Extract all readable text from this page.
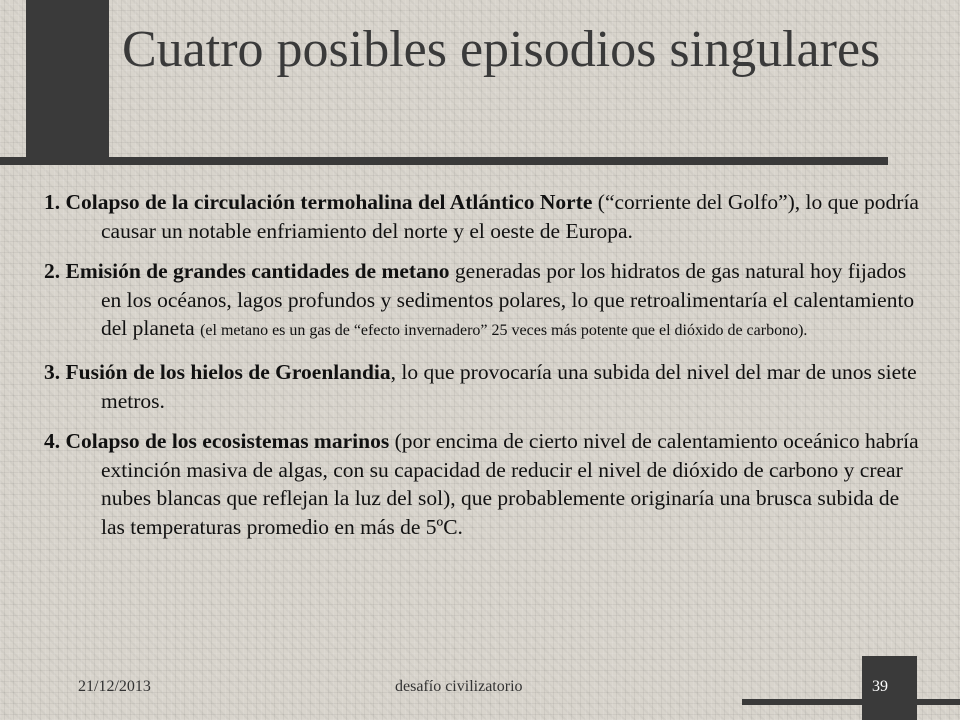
Cuatro posibles episodios singulares

1. Colapso de la circulación termohalina del Atlántico Norte (“corriente del Golfo”), lo que podría causar un notable enfriamiento del norte y el oeste de Europa.

2. Emisión de grandes cantidades de metano generadas por los hidratos de gas natural hoy fijados en los océanos, lagos profundos y sedimentos polares, lo que retroalimentaría el calentamiento del planeta (el metano es un gas de “efecto invernadero” 25 veces más potente que el dióxido de carbono).

3. Fusión de los hielos de Groenlandia, lo que provocaría una subida del nivel del mar de unos siete metros.

4. Colapso de los ecosistemas marinos (por encima de cierto nivel de calentamiento oceánico habría extinción masiva de algas, con su capacidad de reducir el nivel de dióxido de carbono y crear nubes blancas que reflejan la luz del sol), que probablemente originaría una brusca subida de las temperaturas promedio en más de 5ºC.

21/12/2013	desafío civilizatorio	39
